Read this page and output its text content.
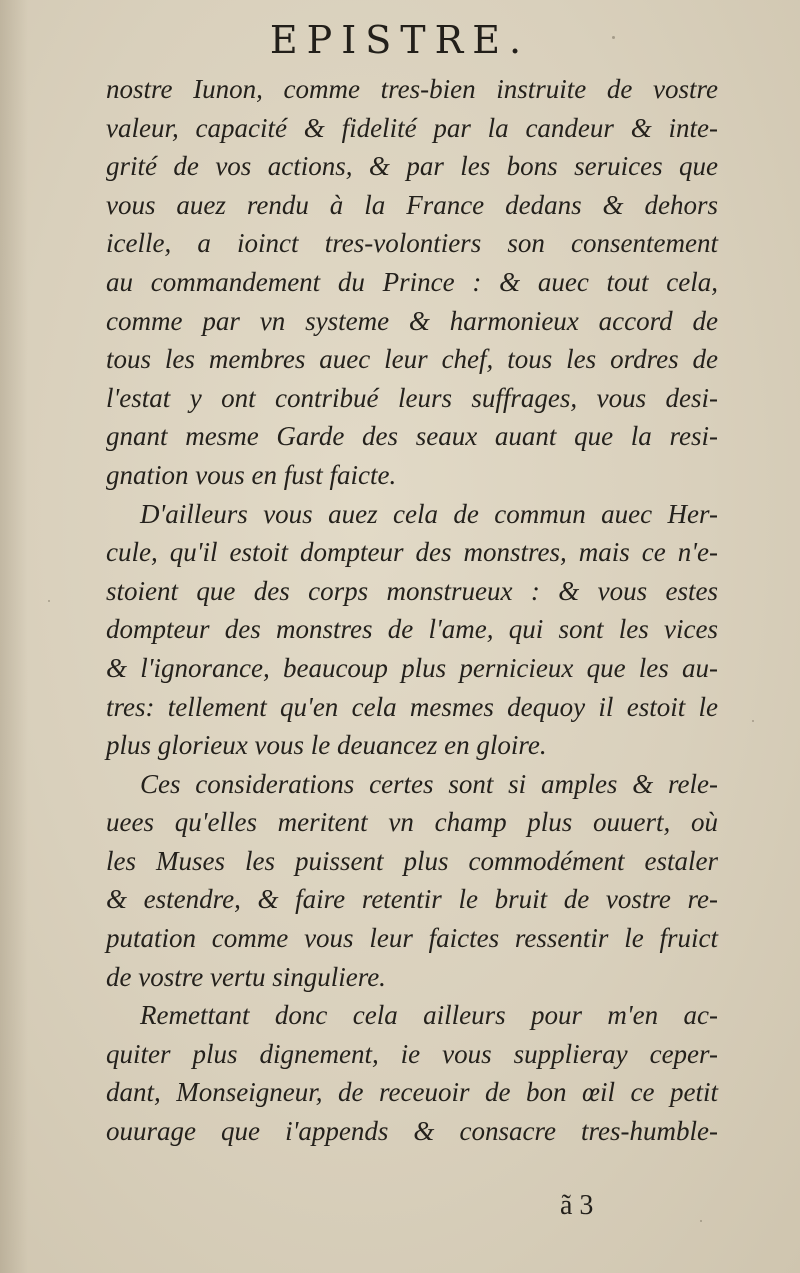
EPISTRE.
nostre Iunon, comme tres-bien instruite de vostre
valeur, capacité & fidelité par la candeur & inte-
grité de vos actions, & par les bons seruices que
vous auez rendu à la France dedans & dehors
icelle, a ioinct tres-volontiers son consentement
au commandement du Prince : & auec tout cela,
comme par vn systeme & harmonieux accord de
tous les membres auec leur chef, tous les ordres de
l'estat y ont contribué leurs suffrages, vous desi-
gnant mesme Garde des seaux auant que la resi-
gnation vous en fust faicte.
D'ailleurs vous auez cela de commun auec Her-
cule, qu'il estoit dompteur des monstres, mais ce n'e-
stoient que des corps monstrueux : & vous estes
dompteur des monstres de l'ame, qui sont les vices
& l'ignorance, beaucoup plus pernicieux que les au-
tres: tellement qu'en cela mesmes dequoy il estoit le
plus glorieux vous le deuancez en gloire.
Ces considerations certes sont si amples & rele-
uees qu'elles meritent vn champ plus ouuert, où
les Muses les puissent plus commodément estaler
& estendre, & faire retentir le bruit de vostre re-
putation comme vous leur faictes ressentir le fruict
de vostre vertu singuliere.
Remettant donc cela ailleurs pour m'en ac-
quiter plus dignement, ie vous supplieray ceper-
dant, Monseigneur, de receuoir de bon œil ce petit
ouurage que i'appends & consacre tres-humble-
ã 3
